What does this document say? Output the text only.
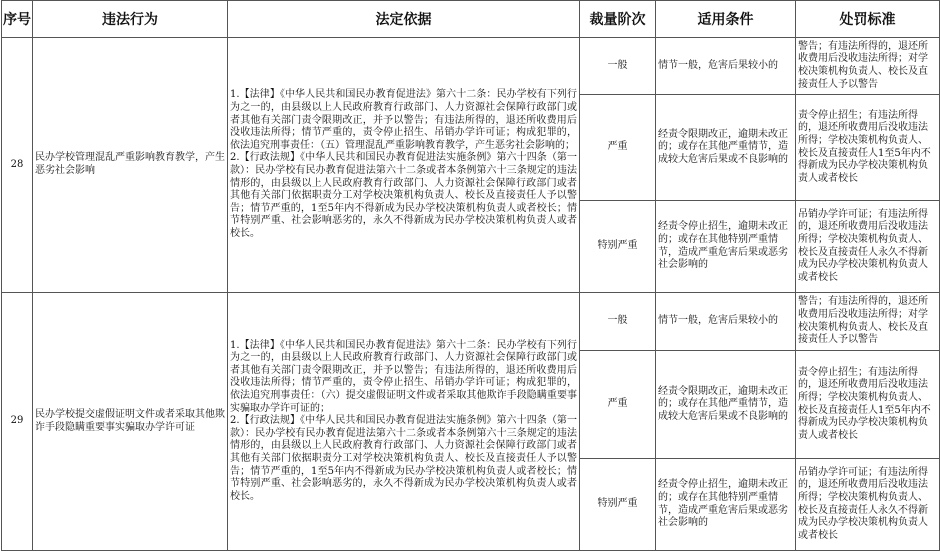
序号	违法行为	法定依据	裁量阶次	适用条件	处罚标准
28	民办学校管理混乱严重影响教育教学，产生恶劣社会影响	1.【法律】《中华人民共和国民办教育促进法》第六十二条：民办学校有下列行为之一的，由县级以上人民政府教育行政部门、人力资源社会保障行政部门或者其他有关部门责令限期改正，并予以警告；有违法所得的，退还所收费用后没收违法所得；情节严重的，责令停止招生、吊销办学许可证；构成犯罪的，依法追究刑事责任：（五）管理混乱严重影响教育教学，产生恶劣社会影响的；
2.【行政法规】《中华人民共和国民办教育促进法实施条例》第六十四条（第一款）：民办学校有民办教育促进法第六十二条或者本条例第六十三条规定的违法情形的，由县级以上人民政府教育行政部门、人力资源社会保障行政部门或者其他有关部门依据职责分工对学校决策机构负责人、校长及直接责任人予以警告；情节严重的，1至5年内不得新成为民办学校决策机构负责人或者校长；情节特别严重、社会影响恶劣的，永久不得新成为民办学校决策机构负责人或者校长。	一般	情节一般，危害后果较小的	警告；有违法所得的，退还所收费用后没收违法所得；对学校决策机构负责人、校长及直接责任人予以警告
			严重	经责令限期改正，逾期未改正的；或存在其他严重情节，造成较大危害后果或不良影响的	责令停止招生；有违法所得的，退还所收费用后没收违法所得；学校决策机构负责人、校长及直接责任人1至5年内不得新成为民办学校决策机构负责人或者校长
			特别严重	经责令停止招生，逾期未改正的；或存在其他特别严重情节，造成严重危害后果或恶劣社会影响的	吊销办学许可证；有违法所得的，退还所收费用后没收违法所得；学校决策机构负责人、校长及直接责任人永久不得新成为民办学校决策机构负责人或者校长
29	民办学校提交虚假证明文件或者采取其他欺诈手段隐瞒重要事实骗取办学许可证	1.【法律】《中华人民共和国民办教育促进法》第六十二条：民办学校有下列行为之一的，由县级以上人民政府教育行政部门、人力资源社会保障行政部门或者其他有关部门责令限期改正，并予以警告；有违法所得的，退还所收费用后没收违法所得；情节严重的，责令停止招生、吊销办学许可证；构成犯罪的，依法追究刑事责任：（六）提交虚假证明文件或者采取其他欺诈手段隐瞒重要事实骗取办学许可证的；
2.【行政法规】《中华人民共和国民办教育促进法实施条例》第六十四条（第一款）：民办学校有民办教育促进法第六十二条或者本条例第六十三条规定的违法情形的，由县级以上人民政府教育行政部门、人力资源社会保障行政部门或者其他有关部门依据职责分工对学校决策机构负责人、校长及直接责任人予以警告；情节严重的，1至5年内不得新成为民办学校决策机构负责人或者校长；情节特别严重、社会影响恶劣的，永久不得新成为民办学校决策机构负责人或者校长。	一般	情节一般，危害后果较小的	警告；有违法所得的，退还所收费用后没收违法所得；对学校决策机构负责人、校长及直接责任人予以警告
			严重	经责令限期改正，逾期未改正的；或存在其他严重情节，造成较大危害后果或不良影响的	责令停止招生；有违法所得的，退还所收费用后没收违法所得；学校决策机构负责人、校长及直接责任人1至5年内不得新成为民办学校决策机构负责人或者校长
			特别严重	经责令停止招生，逾期未改正的；或存在其他特别严重情节，造成严重危害后果或恶劣社会影响的	吊销办学许可证；有违法所得的，退还所收费用后没收违法所得；学校决策机构负责人、校长及直接责任人永久不得新成为民办学校决策机构负责人或者校长
